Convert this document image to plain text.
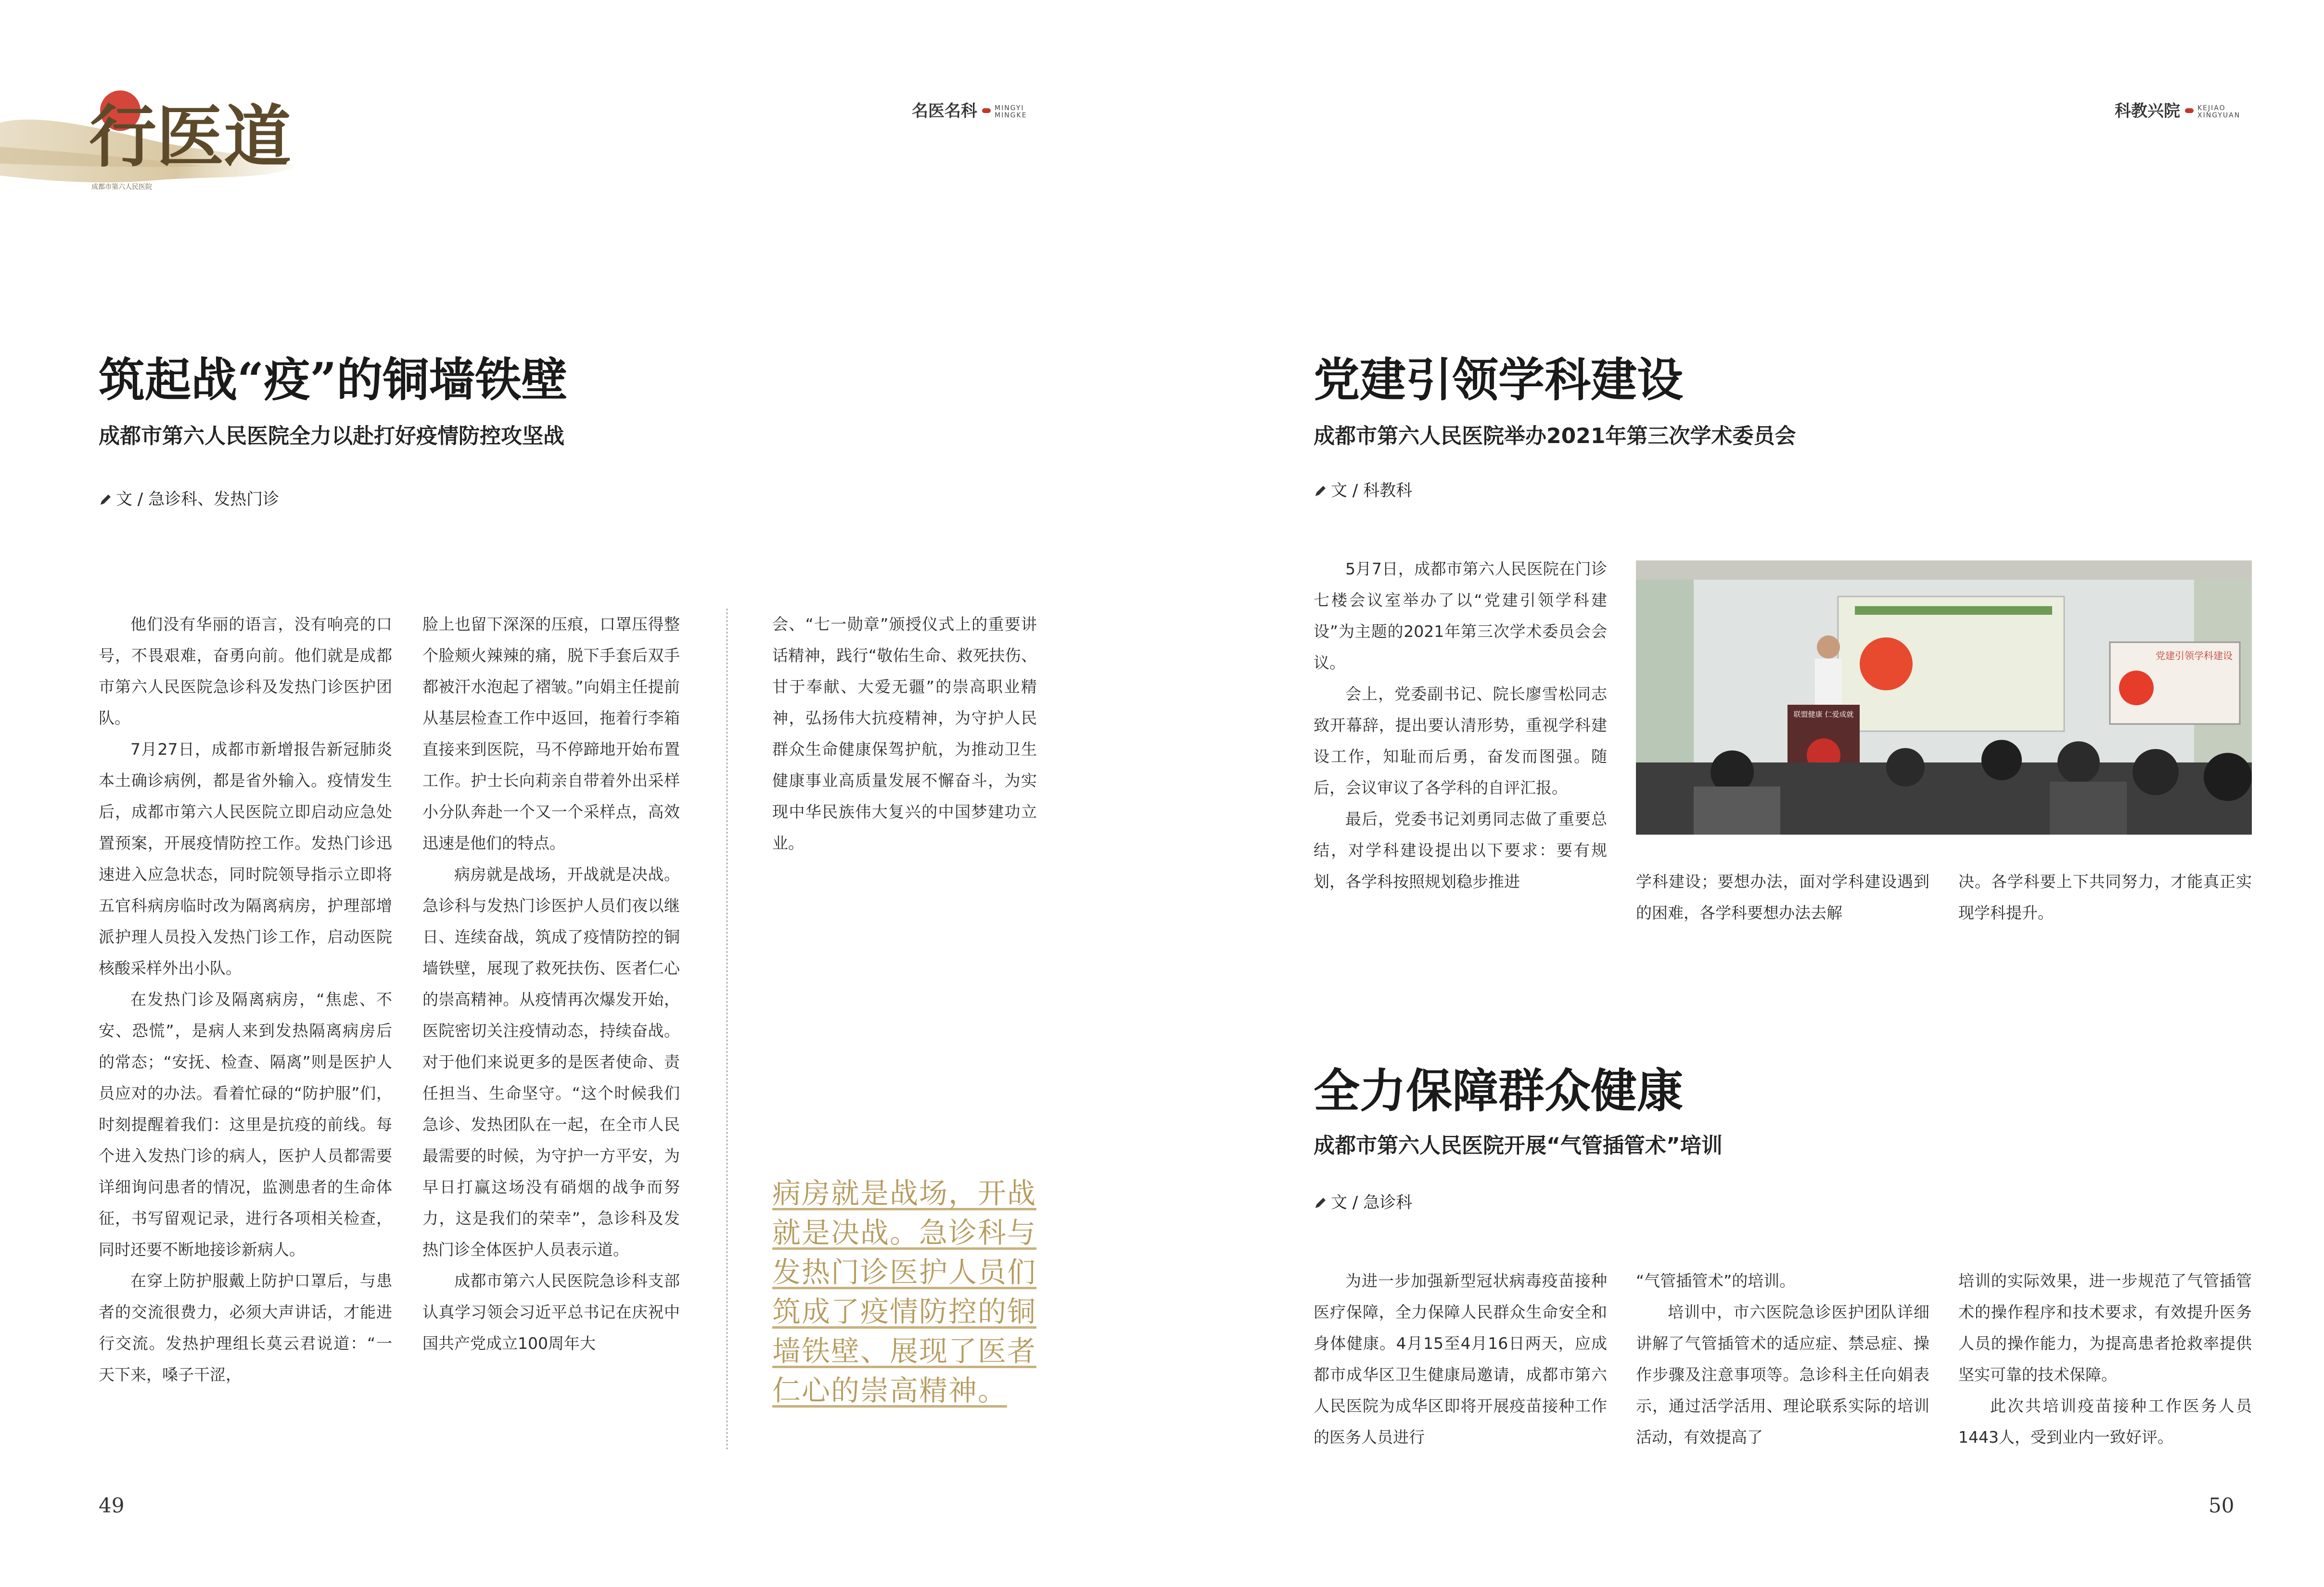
行医道
成都市第六人民医院
名医名科	MINGYI
MINGKE	科教兴院	KEJIAO
XINGYUAN
筑起战“疫”的铜墙铁壁
成都市第六人民医院全力以赴打好疫情防控攻坚战
文 / 急诊科、发热门诊

他们没有华丽的语言，没有响亮的口号，不畏艰难，奋勇向前。他们就是成都市第六人民医院急诊科及发热门诊医护团队。

7月27日，成都市新增报告新冠肺炎本土确诊病例，都是省外输入。疫情发生后，成都市第六人民医院立即启动应急处置预案，开展疫情防控工作。发热门诊迅速进入应急状态，同时院领导指示立即将五官科病房临时改为隔离病房，护理部增派护理人员投入发热门诊工作，启动医院核酸采样外出小队。

在发热门诊及隔离病房，“焦虑、不安、恐慌”，是病人来到发热隔离病房后的常态；“安抚、检查、隔离”则是医护人员应对的办法。看着忙碌的“防护服”们，时刻提醒着我们：这里是抗疫的前线。每个进入发热门诊的病人，医护人员都需要详细询问患者的情况，监测患者的生命体征，书写留观记录，进行各项相关检查，同时还要不断地接诊新病人。

在穿上防护服戴上防护口罩后，与患者的交流很费力，必须大声讲话，才能进行交流。发热护理组长莫云君说道：“一天下来，嗓子干涩，

脸上也留下深深的压痕，口罩压得整个脸颊火辣辣的痛，脱下手套后双手都被汗水泡起了褶皱。”向娟主任提前从基层检查工作中返回，拖着行李箱直接来到医院，马不停蹄地开始布置工作。护士长向莉亲自带着外出采样小分队奔赴一个又一个采样点，高效迅速是他们的特点。

病房就是战场，开战就是决战。急诊科与发热门诊医护人员们夜以继日、连续奋战，筑成了疫情防控的铜墙铁壁，展现了救死扶伤、医者仁心的崇高精神。从疫情再次爆发开始，医院密切关注疫情动态，持续奋战。对于他们来说更多的是医者使命、责任担当、生命坚守。“这个时候我们急诊、发热团队在一起，在全市人民最需要的时候，为守护一方平安，为早日打赢这场没有硝烟的战争而努力，这是我们的荣幸”，急诊科及发热门诊全体医护人员表示道。

成都市第六人民医院急诊科支部认真学习领会习近平总书记在庆祝中国共产党成立100周年大

会、“七一勋章”颁授仪式上的重要讲话精神，践行“敬佑生命、救死扶伤、甘于奉献、大爱无疆”的崇高职业精神，弘扬伟大抗疫精神，为守护人民群众生命健康保驾护航，为推动卫生健康事业高质量发展不懈奋斗，为实现中华民族伟大复兴的中国梦建功立业。

病房就是战场，开战就是决战。急诊科与发热门诊医护人员们筑成了疫情防控的铜墙铁壁、展现了医者仁心的崇高精神。
49
党建引领学科建设
成都市第六人民医院举办2021年第三次学术委员会
文 / 科教科

5月7日，成都市第六人民医院在门诊七楼会议室举办了以“党建引领学科建设”为主题的2021年第三次学术委员会会议。

会上，党委副书记、院长廖雪松同志致开幕辞，提出要认清形势，重视学科建设工作，知耻而后勇，奋发而图强。随后，会议审议了各学科的自评汇报。

最后，党委书记刘勇同志做了重要总结，对学科建设提出以下要求：要有规划，各学科按照规划稳步推进

党建引领学科建设
联盟健康 仁爱成就

学科建设；要想办法，面对学科建设遇到的困难，各学科要想办法去解

决。各学科要上下共同努力，才能真正实现学科提升。

全力保障群众健康
成都市第六人民医院开展“气管插管术”培训
文 / 急诊科

为进一步加强新型冠状病毒疫苗接种医疗保障，全力保障人民群众生命安全和身体健康。4月15至4月16日两天，应成都市成华区卫生健康局邀请，成都市第六人民医院为成华区即将开展疫苗接种工作的医务人员进行

“气管插管术”的培训。

培训中，市六医院急诊医护团队详细讲解了气管插管术的适应症、禁忌症、操作步骤及注意事项等。急诊科主任向娟表示，通过活学活用、理论联系实际的培训活动，有效提高了

培训的实际效果，进一步规范了气管插管术的操作程序和技术要求，有效提升医务人员的操作能力，为提高患者抢救率提供坚实可靠的技术保障。

此次共培训疫苗接种工作医务人员1443人，受到业内一致好评。

50
